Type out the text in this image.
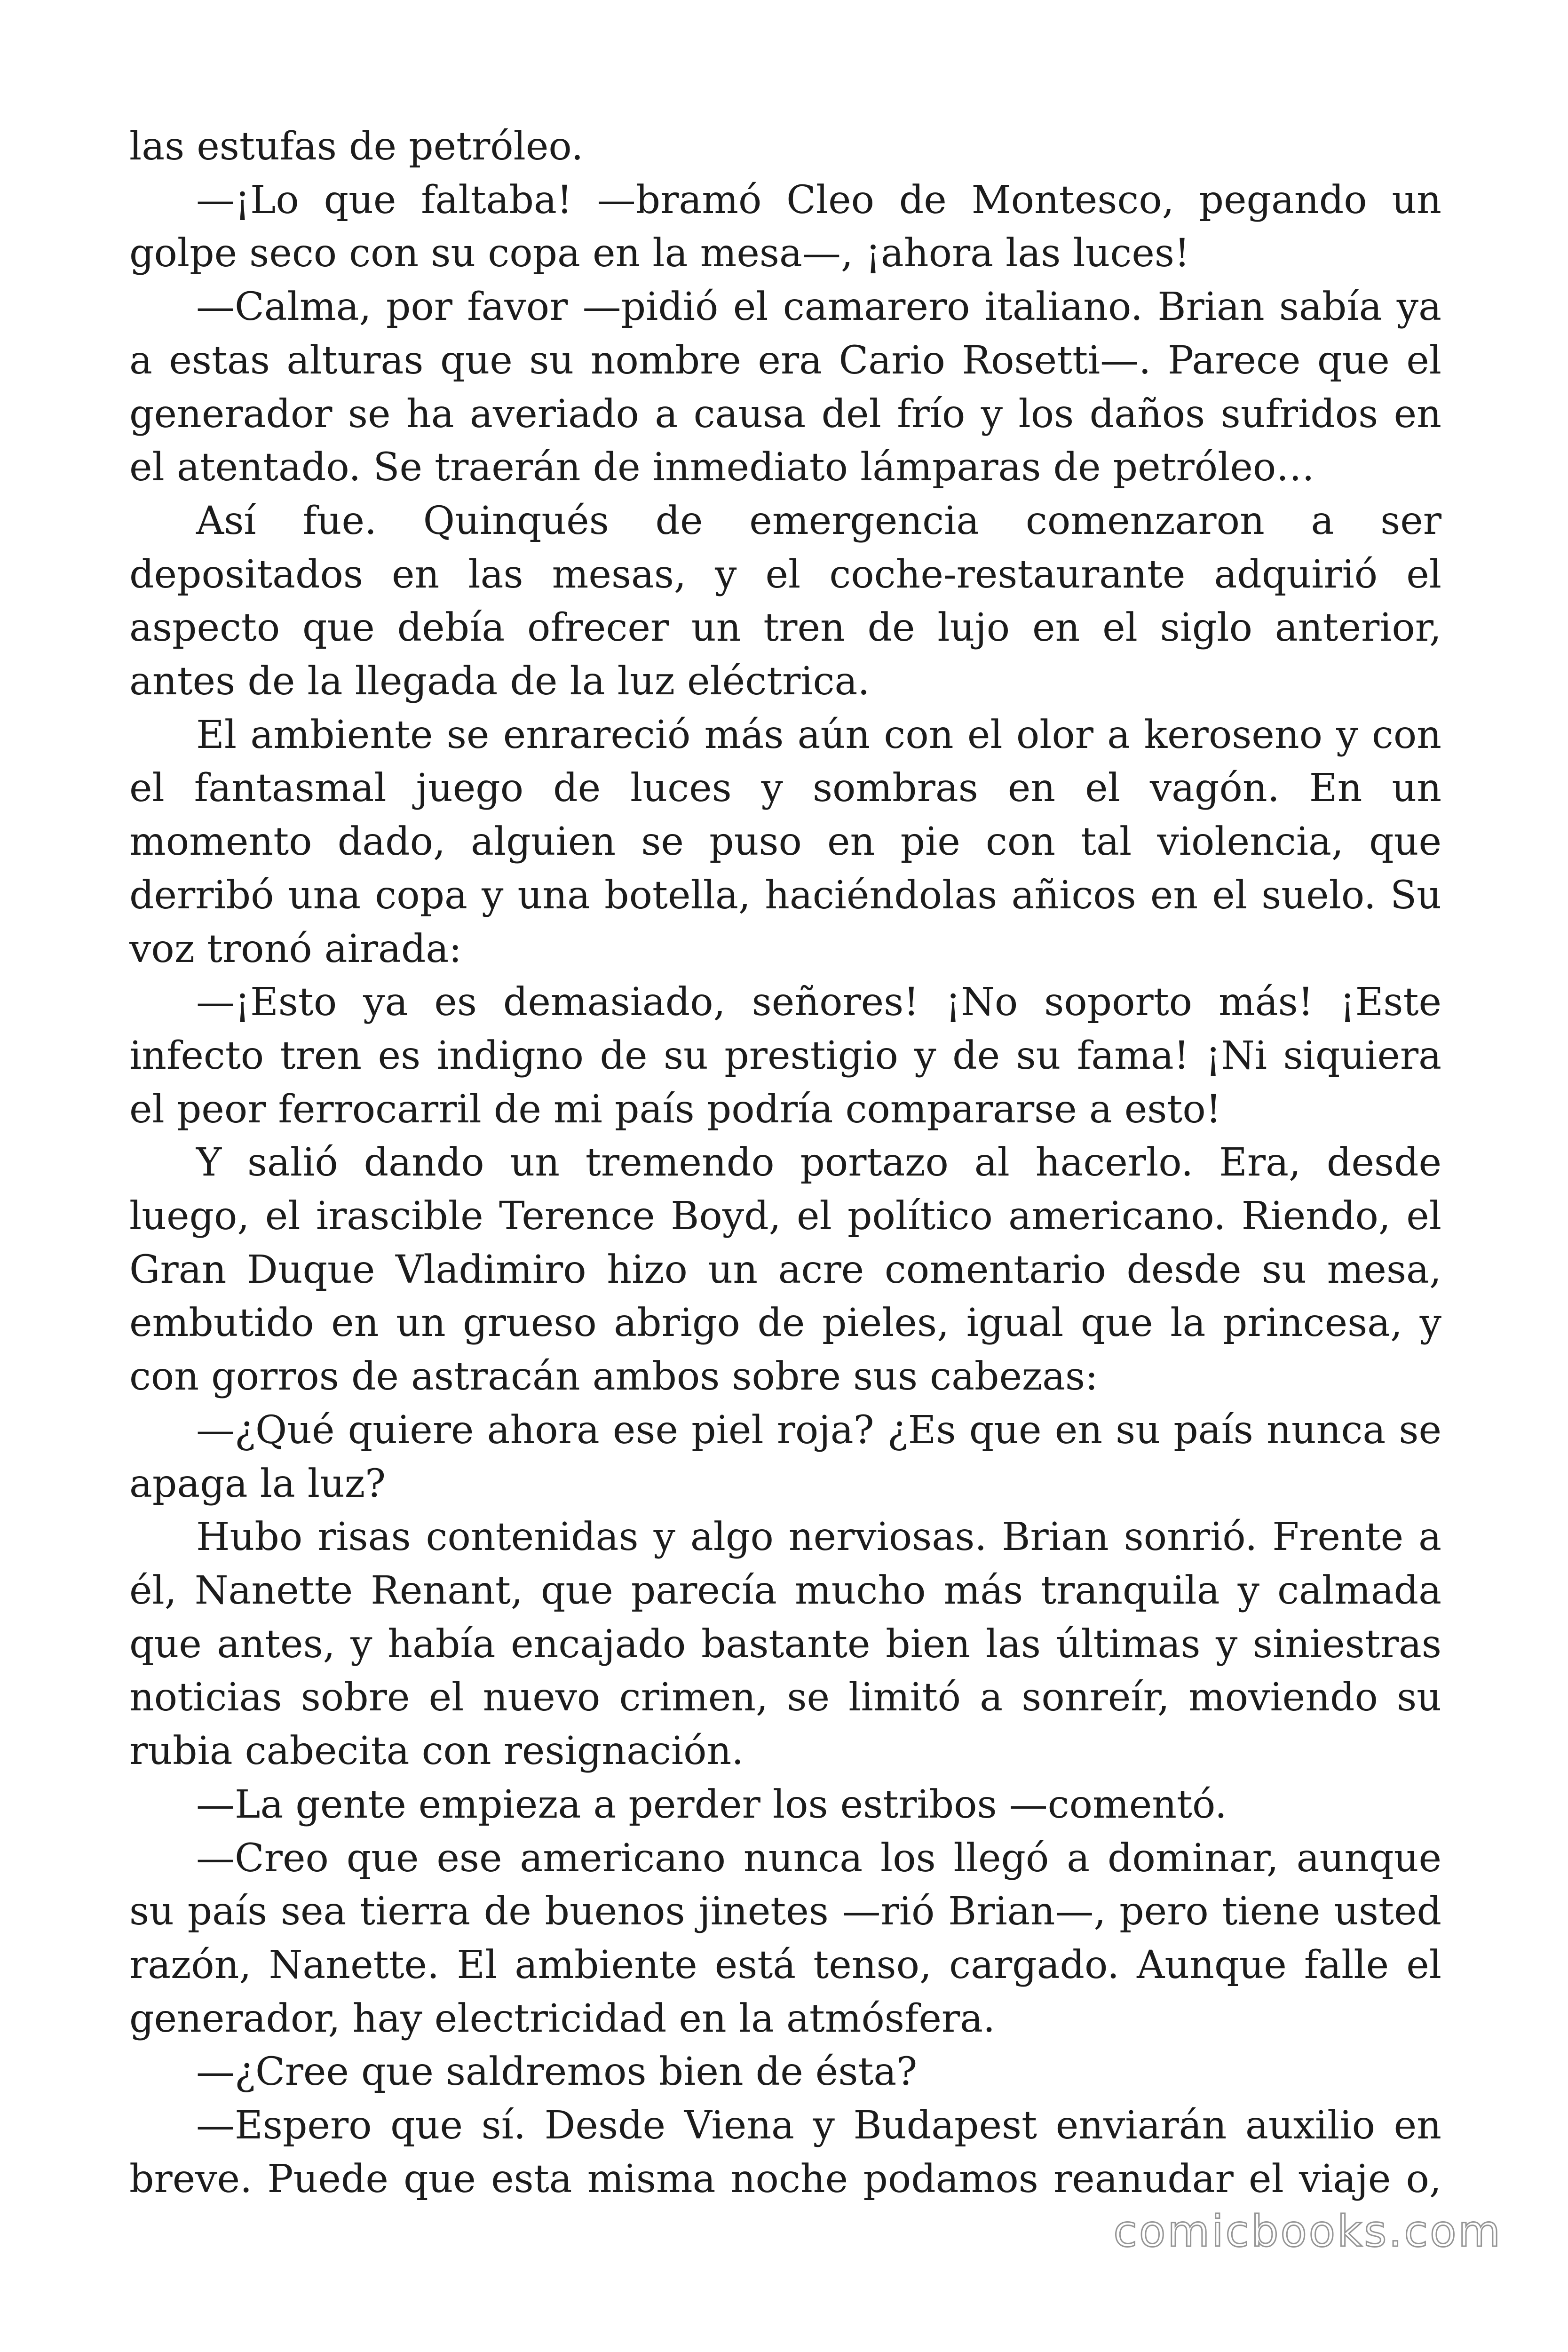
las estufas de petróleo.

—¡Lo que faltaba! —bramó Cleo de Montesco, pegando un golpe seco con su copa en la mesa—, ¡ahora las luces!

—Calma, por favor —pidió el camarero italiano. Brian sabía ya a estas alturas que su nombre era Cario Rosetti—. Parece que el generador se ha averiado a causa del frío y los daños sufridos en el atentado. Se traerán de inmediato lámparas de petróleo…

Así fue. Quinqués de emergencia comenzaron a ser depositados en las mesas, y el coche-restaurante adquirió el aspecto que debía ofrecer un tren de lujo en el siglo anterior, antes de la llegada de la luz eléctrica.

El ambiente se enrareció más aún con el olor a keroseno y con el fantasmal juego de luces y sombras en el vagón. En un momento dado, alguien se puso en pie con tal violencia, que derribó una copa y una botella, haciéndolas añicos en el suelo. Su voz tronó airada:

—¡Esto ya es demasiado, señores! ¡No soporto más! ¡Este infecto tren es indigno de su prestigio y de su fama! ¡Ni siquiera el peor ferrocarril de mi país podría compararse a esto!

Y salió dando un tremendo portazo al hacerlo. Era, desde luego, el irascible Terence Boyd, el político americano. Riendo, el Gran Duque Vladimiro hizo un acre comentario desde su mesa, embutido en un grueso abrigo de pieles, igual que la princesa, y con gorros de astracán ambos sobre sus cabezas:

—¿Qué quiere ahora ese piel roja? ¿Es que en su país nunca se apaga la luz?

Hubo risas contenidas y algo nerviosas. Brian sonrió. Frente a él, Nanette Renant, que parecía mucho más tranquila y calmada que antes, y había encajado bastante bien las últimas y siniestras noticias sobre el nuevo crimen, se limitó a sonreír, moviendo su rubia cabecita con resignación.

—La gente empieza a perder los estribos —comentó.

—Creo que ese americano nunca los llegó a dominar, aunque su país sea tierra de buenos jinetes —rió Brian—, pero tiene usted razón, Nanette. El ambiente está tenso, cargado. Aunque falle el generador, hay electricidad en la atmósfera.

—¿Cree que saldremos bien de ésta?

—Espero que sí. Desde Viena y Budapest enviarán auxilio en breve. Puede que esta misma noche podamos reanudar el viaje o,

comicbooks.com
